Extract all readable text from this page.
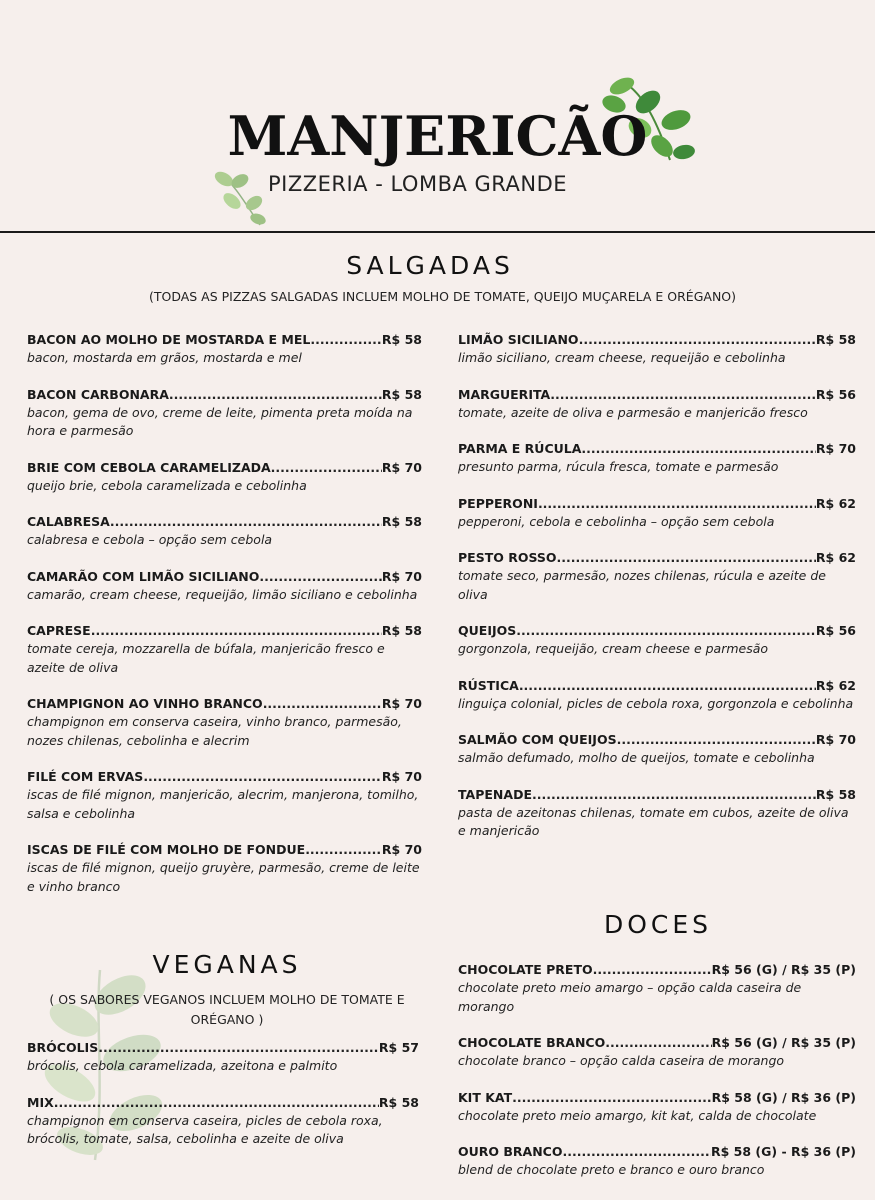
MANJERICÃO
PIZZERIA - LOMBA GRANDE
SALGADAS
(TODAS AS PIZZAS SALGADAS INCLUEM MOLHO DE TOMATE, QUEIJO MUÇARELA E ORÉGANO)
BACON AO MOLHO DE MOSTARDA E MEL .....	R$ 58
bacon, mostarda em grãos, mostarda e mel
BACON CARBONARA .....	R$ 58
bacon, gema de ovo, creme de leite, pimenta preta moída na hora e parmesão
BRIE COM CEBOLA CARAMELIZADA .....	R$ 70
queijo brie, cebola caramelizada e cebolinha
CALABRESA .....	R$ 58
calabresa e cebola – opção sem cebola
CAMARÃO COM LIMÃO SICILIANO .....	R$ 70
camarão, cream cheese, requeijão, limão siciliano e cebolinha
CAPRESE .....	R$ 58
tomate cereja, mozzarella de búfala, manjericão fresco e azeite de oliva
CHAMPIGNON AO VINHO BRANCO .....	R$ 70
champignon em conserva caseira, vinho branco, parmesão, nozes chilenas, cebolinha e alecrim
FILÉ COM ERVAS .....	R$ 70
iscas de filé mignon, manjericão, alecrim, manjerona, tomilho, salsa e cebolinha
ISCAS DE FILÉ COM MOLHO DE FONDUE .....	R$ 70
iscas de filé mignon, queijo gruyère, parmesão, creme de leite e vinho branco
LIMÃO SICILIANO .....	R$ 58
limão siciliano, cream cheese, requeijão e cebolinha
MARGUERITA .....	R$ 56
tomate, azeite de oliva e parmesão e manjericão fresco
PARMA E RÚCULA .....	R$ 70
presunto parma, rúcula fresca, tomate e parmesão
PEPPERONI .....	R$ 62
pepperoni, cebola e cebolinha – opção sem cebola
PESTO ROSSO .....	R$ 62
tomate seco, parmesão, nozes chilenas, rúcula e azeite de oliva
QUEIJOS .....	R$ 56
gorgonzola, requeijão, cream cheese e parmesão
RÚSTICA .....	R$ 62
linguiça colonial, picles de cebola roxa, gorgonzola e cebolinha
SALMÃO COM QUEIJOS .....	R$ 70
salmão defumado, molho de queijos, tomate e cebolinha
TAPENADE .....	R$ 58
pasta de azeitonas chilenas, tomate em cubos, azeite de oliva e manjericão
VEGANAS
( OS SABORES VEGANOS INCLUEM MOLHO DE TOMATE E ORÉGANO )
BRÓCOLIS .....	R$ 57
brócolis, cebola caramelizada, azeitona e palmito
MIX .....	R$ 58
champignon em conserva caseira, picles de cebola roxa, brócolis, tomate, salsa, cebolinha e azeite de oliva
DOCES
CHOCOLATE PRETO .....	R$ 56 (G) / R$ 35 (P)
chocolate preto meio amargo – opção calda caseira de morango
CHOCOLATE BRANCO .....	R$ 56 (G) / R$ 35 (P)
chocolate branco – opção calda caseira de morango
KIT KAT .....	R$ 58 (G) / R$ 36 (P)
chocolate preto meio amargo, kit kat, calda de chocolate
OURO BRANCO .....	R$ 58 (G) - R$ 36 (P)
blend de chocolate preto e branco e ouro branco
